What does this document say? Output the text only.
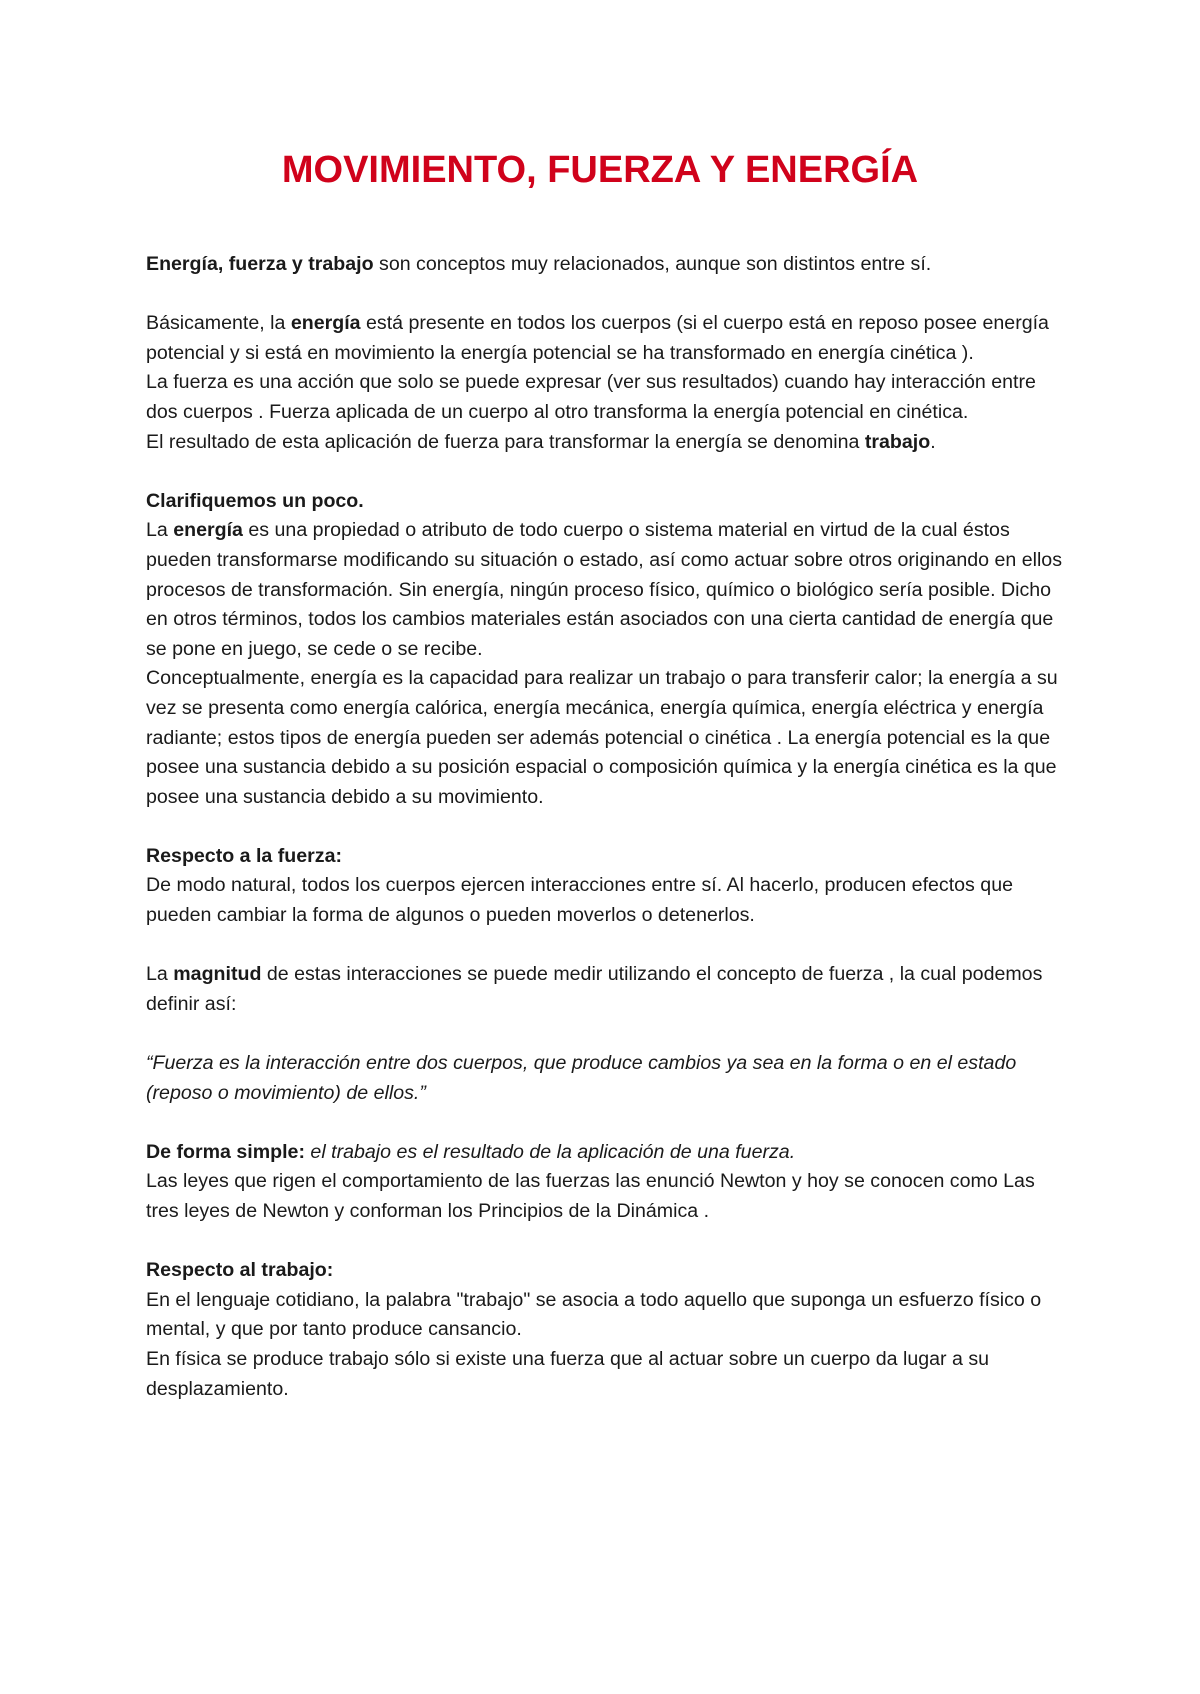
MOVIMIENTO, FUERZA Y ENERGÍA

Energía, fuerza y trabajo son conceptos muy relacionados, aunque son distintos entre sí.

Básicamente, la energía está presente en todos los cuerpos (si el cuerpo está en reposo posee energía potencial y si está en movimiento la energía potencial se ha transformado en energía cinética ).

La fuerza es una acción que solo se puede expresar (ver sus resultados) cuando hay interacción entre dos cuerpos . Fuerza aplicada de un cuerpo al otro transforma la energía potencial en cinética.

El resultado de esta aplicación de fuerza para transformar la energía se denomina trabajo.

Clarifiquemos un poco.

La energía es una propiedad o atributo de todo cuerpo o sistema material en virtud de la cual éstos pueden transformarse modificando su situación o estado, así como actuar sobre otros originando en ellos procesos de transformación. Sin energía, ningún proceso físico, químico o biológico sería posible. Dicho en otros términos, todos los cambios materiales están asociados con una cierta cantidad de energía que se pone en juego, se cede o se recibe.

Conceptualmente, energía es la capacidad para realizar un trabajo o para transferir calor; la energía a su vez se presenta como energía calórica, energía mecánica, energía química, energía eléctrica y energía radiante; estos tipos de energía pueden ser además potencial o cinética . La energía potencial es la que posee una sustancia debido a su posición espacial o composición química y la energía cinética es la que posee una sustancia debido a su movimiento.

Respecto a la fuerza:

De modo natural, todos los cuerpos ejercen interacciones entre sí. Al hacerlo, producen efectos que pueden cambiar la forma de algunos o pueden moverlos o detenerlos.

La magnitud de estas interacciones se puede medir utilizando el concepto de fuerza , la cual podemos definir así:

“Fuerza es la interacción entre dos cuerpos, que produce cambios ya sea en la forma o en el estado (reposo o movimiento) de ellos.”

De forma simple: el trabajo es el resultado de la aplicación de una fuerza.

Las leyes que rigen el comportamiento de las fuerzas las enunció Newton y hoy se conocen como Las tres leyes de Newton y conforman los Principios de la Dinámica .

Respecto al trabajo:

En el lenguaje cotidiano, la palabra "trabajo" se asocia a todo aquello que suponga un esfuerzo físico o mental, y que por tanto produce cansancio.

En física se produce trabajo sólo si existe una fuerza que al actuar sobre un cuerpo da lugar a su desplazamiento.
